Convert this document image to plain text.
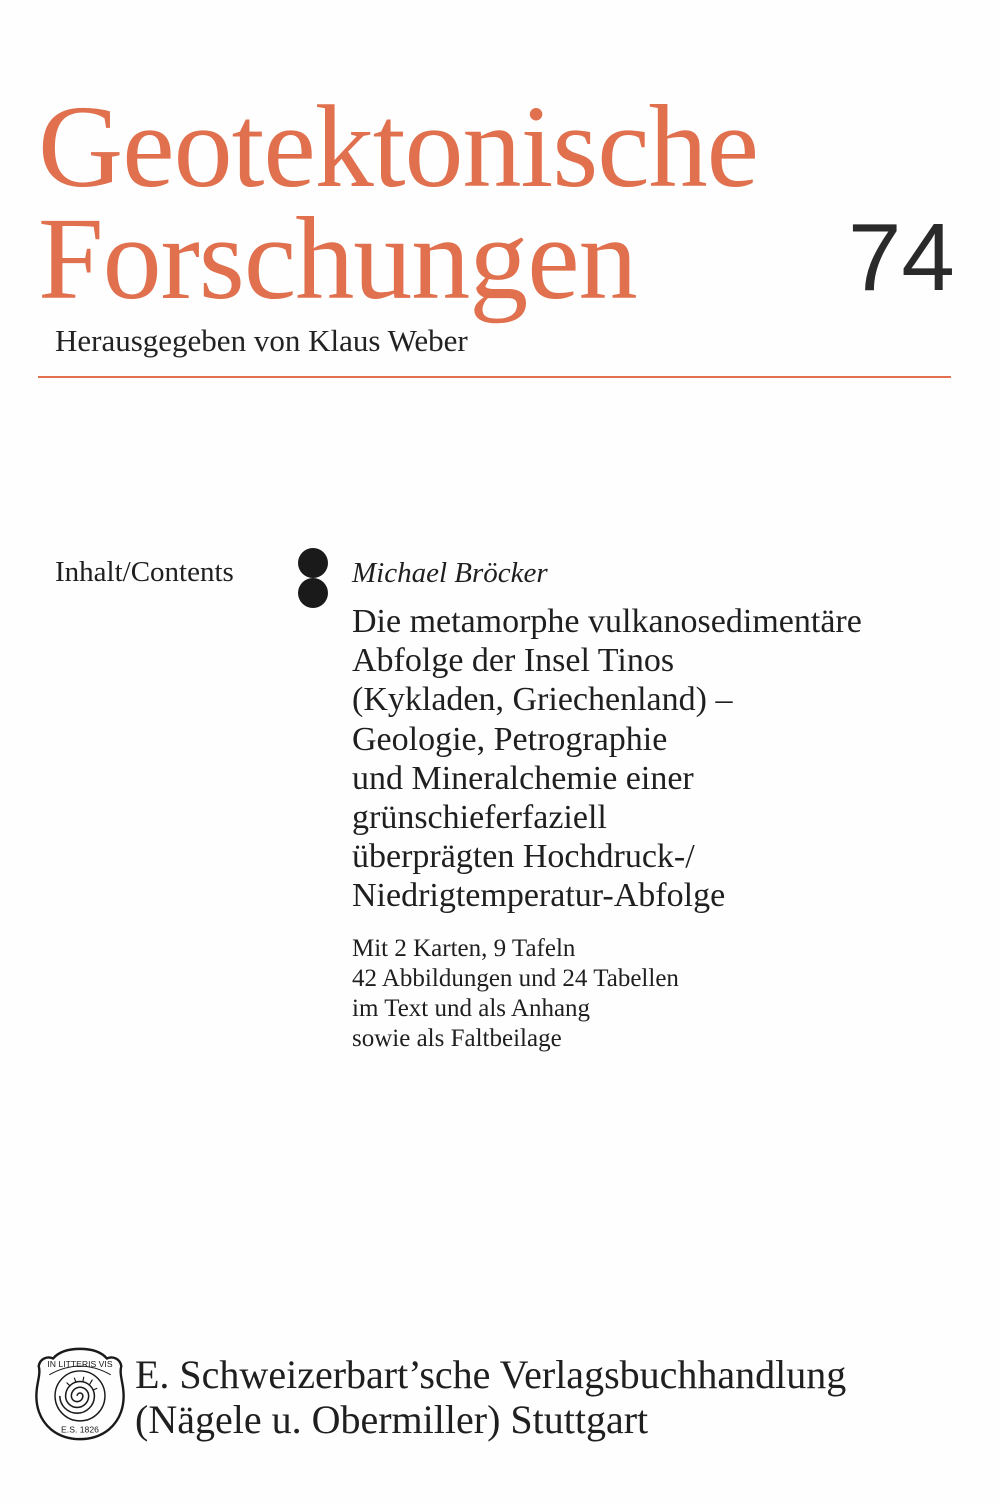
Geotektonische
Forschungen 74
Herausgegeben von Klaus Weber
Inhalt/Contents	Michael Bröcker
Die metamorphe vulkanosedimentäre
Abfolge der Insel Tinos
(Kykladen, Griechenland) –
Geologie, Petrographie
und Mineralchemie einer
grünschieferfaziell
überprägten Hochdruck-/
Niedrigtemperatur-Abfolge
Mit 2 Karten, 9 Tafeln
42 Abbildungen und 24 Tabellen
im Text und als Anhang
sowie als Faltbeilage
IN LITTERIS VIS
E.S. 1826
E. Schweizerbart’sche Verlagsbuchhandlung
(Nägele u. Obermiller) Stuttgart
